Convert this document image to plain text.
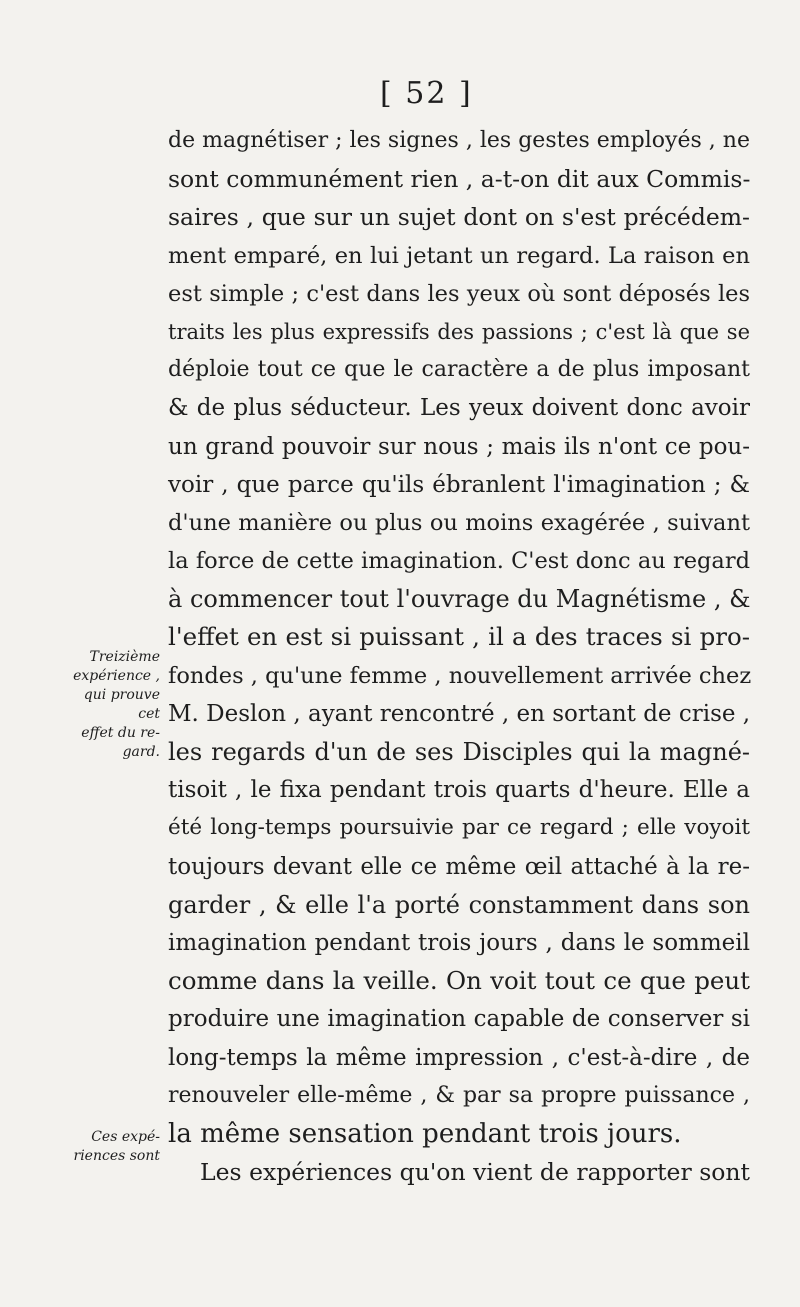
[ 52 ]
Treizième
expérience ,
qui prouve cet
effet du re-
gard.
Ces expé-
riences sont
de magnétiser ; les signes , les gestes employés , ne
sont communément rien , a-t-on dit aux Commis-
saires , que sur un sujet dont on s'est précédem-
ment emparé, en lui jetant un regard. La raison en
est simple ; c'est dans les yeux où sont déposés les
traits les plus expressifs des passions ; c'est là que se
déploie tout ce que le caractère a de plus imposant
& de plus séducteur. Les yeux doivent donc avoir
un grand pouvoir sur nous ; mais ils n'ont ce pou-
voir , que parce qu'ils ébranlent l'imagination ; &
d'une manière ou plus ou moins exagérée , suivant
la force de cette imagination. C'est donc au regard
à commencer tout l'ouvrage du Magnétisme , &
l'effet en est si puissant , il a des traces si pro-
fondes , qu'une femme , nouvellement arrivée chez
M. Deslon , ayant rencontré , en sortant de crise ,
les regards d'un de ses Disciples qui la magné-
tisoit , le fixa pendant trois quarts d'heure. Elle a
été long-temps poursuivie par ce regard ; elle voyoit
toujours devant elle ce même œil attaché à la re-
garder , & elle l'a porté constamment dans son
imagination pendant trois jours , dans le sommeil
comme dans la veille. On voit tout ce que peut
produire une imagination capable de conserver si
long-temps la même impression , c'est-à-dire , de
renouveler elle-même , & par sa propre puissance ,
la même sensation pendant trois jours.
Les expériences qu'on vient de rapporter sont
